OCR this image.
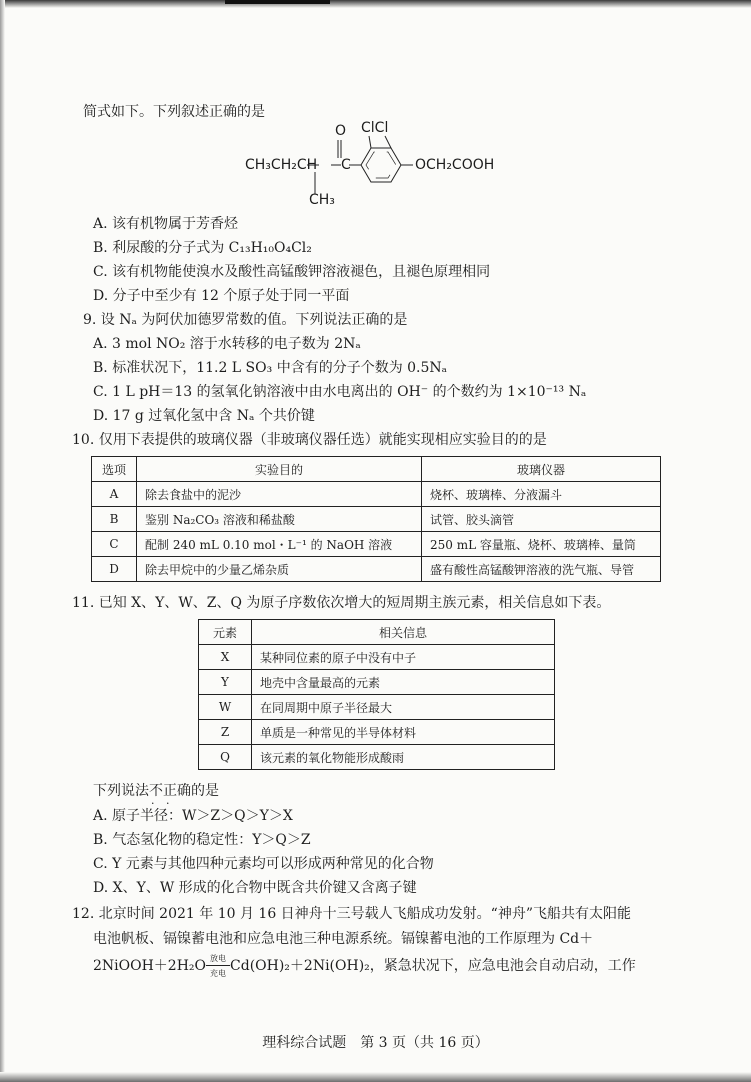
简式如下。下列叙述正确的是
O
CH₃CH₂CH C
CH₃
ClCl
OCH₂COOH
A. 该有机物属于芳香烃
B. 利尿酸的分子式为 C₁₃H₁₀O₄Cl₂
C. 该有机物能使溴水及酸性高锰酸钾溶液褪色，且褪色原理相同
D. 分子中至少有 12 个原子处于同一平面
9. 设 Nₐ 为阿伏加德罗常数的值。下列说法正确的是
A. 3 mol NO₂ 溶于水转移的电子数为 2Nₐ
B. 标准状况下，11.2 L SO₃ 中含有的分子个数为 0.5Nₐ
C. 1 L pH＝13 的氢氧化钠溶液中由水电离出的 OH⁻ 的个数约为 1×10⁻¹³ Nₐ
D. 17 g 过氧化氢中含 Nₐ 个共价键
10. 仅用下表提供的玻璃仪器（非玻璃仪器任选）就能实现相应实验目的的是
选项	实验目的	玻璃仪器
A	除去食盐中的泥沙	烧杯、玻璃棒、分液漏斗
B	鉴别 Na₂CO₃ 溶液和稀盐酸	试管、胶头滴管
C	配制 240 mL 0.10 mol・L⁻¹ 的 NaOH 溶液	250 mL 容量瓶、烧杯、玻璃棒、量筒
D	除去甲烷中的少量乙烯杂质	盛有酸性高锰酸钾溶液的洗气瓶、导管
11. 已知 X、Y、W、Z、Q 为原子序数依次增大的短周期主族元素，相关信息如下表。
元素	相关信息
X	某种同位素的原子中没有中子
Y	地壳中含量最高的元素
W	在同周期中原子半径最大
Z	单质是一种常见的半导体材料
Q	该元素的氧化物能形成酸雨
下列说法不正确 · ·的是
A. 原子半径：W＞Z＞Q＞Y＞X
B. 气态氢化物的稳定性：Y＞Q＞Z
C. Y 元素与其他四种元素均可以形成两种常见的化合物
D. X、Y、W 形成的化合物中既含共价键又含离子键
12. 北京时间 2021 年 10 月 16 日神舟十三号载人飞船成功发射。“神舟”飞船共有太阳能
电池帆板、镉镍蓄电池和应急电池三种电源系统。镉镍蓄电池的工作原理为 Cd＋
2NiOOH＋2H₂O 放电
充电 Cd(OH)₂＋2Ni(OH)₂，紧急状况下，应急电池会自动启动，工作
理科综合试题　第 3 页（共 16 页）
